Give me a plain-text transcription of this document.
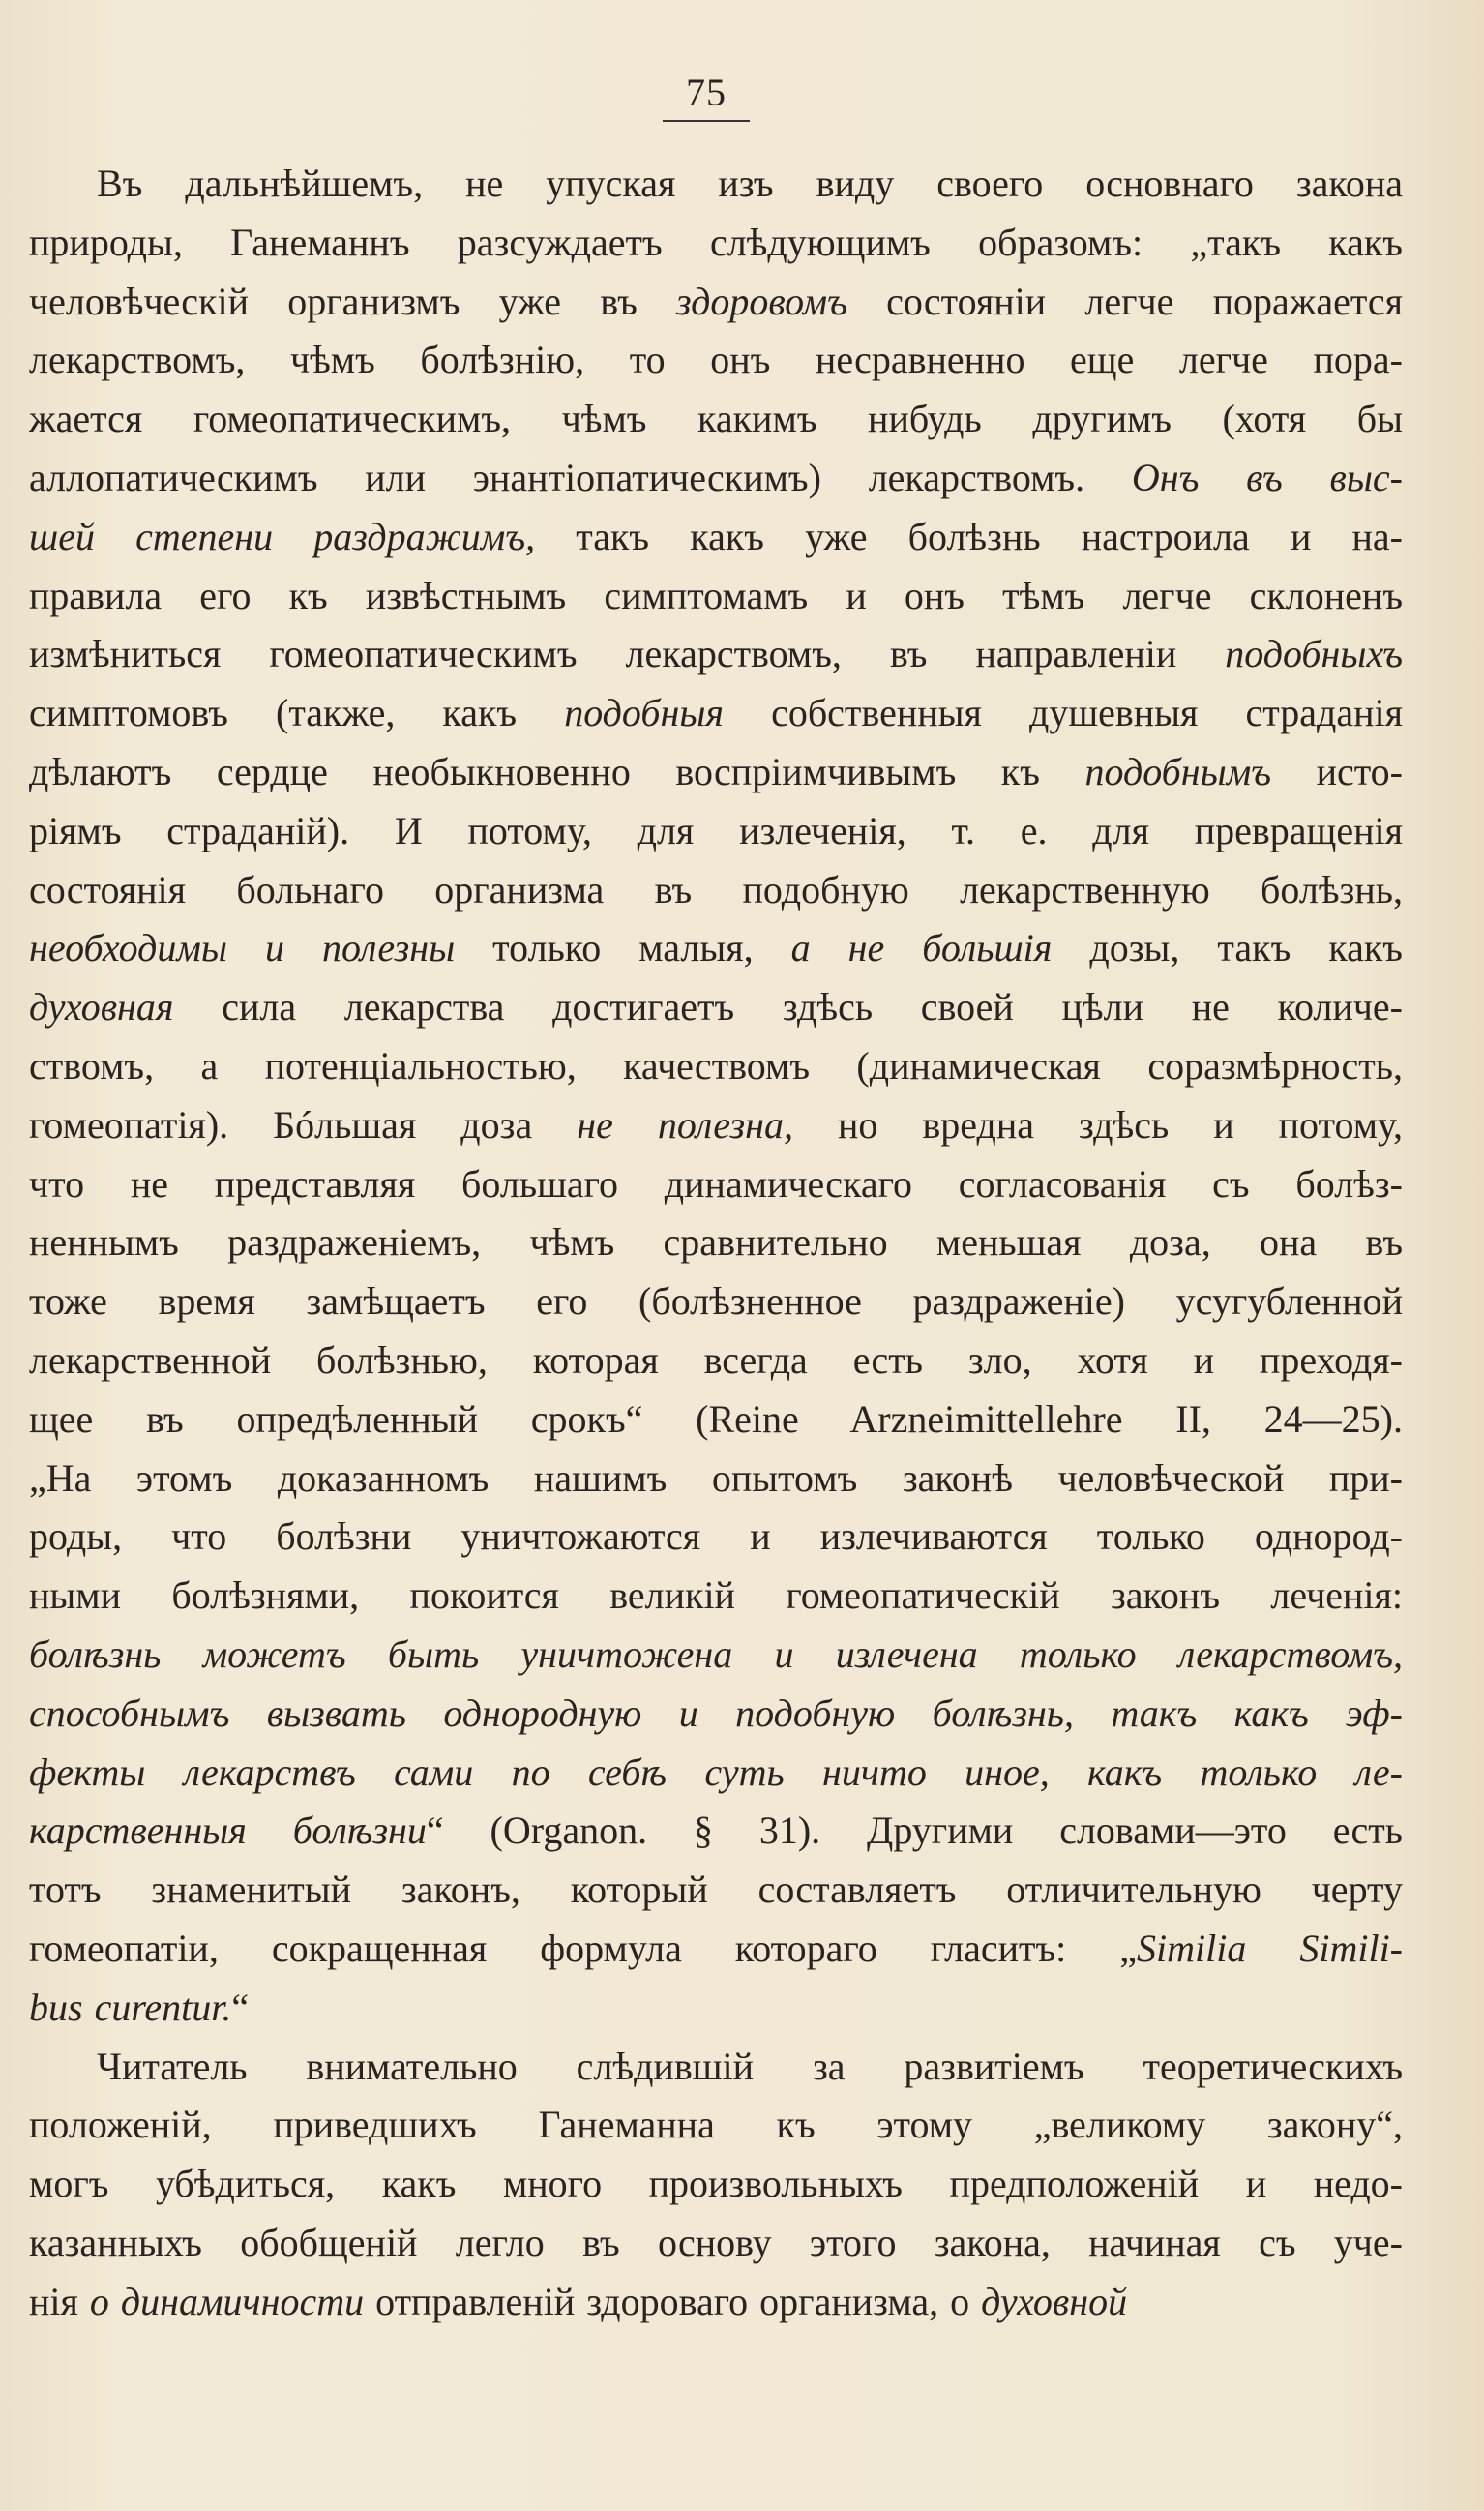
75
Въ дальнѣйшемъ, не упуская изъ виду своего основнаго закона
природы, Ганеманнъ разсуждаетъ слѣдующимъ образомъ: „такъ какъ
человѣческій организмъ уже въ здоровомъ состояніи легче поражается
лекарствомъ, чѣмъ болѣзнію, то онъ несравненно еще легче пора-
жается гомеопатическимъ, чѣмъ какимъ нибудь другимъ (хотя бы
аллопатическимъ или энантіопатическимъ) лекарствомъ. Онъ въ выс-
шей степени раздражимъ, такъ какъ уже болѣзнь настроила и на-
правила его къ извѣстнымъ симптомамъ и онъ тѣмъ легче склоненъ
измѣниться гомеопатическимъ лекарствомъ, въ направленіи подобныхъ
симптомовъ (также, какъ подобныя собственныя душевныя страданія
дѣлаютъ сердце необыкновенно воспріимчивымъ къ подобнымъ исто-
ріямъ страданій). И потому, для излеченія, т. е. для превращенія
состоянія больнаго организма въ подобную лекарственную болѣзнь,
необходимы и полезны только малыя, а не большія дозы, такъ какъ
духовная сила лекарства достигаетъ здѣсь своей цѣли не количе-
ствомъ, а потенціальностью, качествомъ (динамическая соразмѣрность,
гомеопатія). Бóльшая доза не полезна, но вредна здѣсь и потому,
что не представляя большаго динамическаго согласованія съ болѣз-
неннымъ раздраженіемъ, чѣмъ сравнительно меньшая доза, она въ
тоже время замѣщаетъ его (болѣзненное раздраженіе) усугубленной
лекарственной болѣзнью, которая всегда есть зло, хотя и преходя-
щее въ опредѣленный срокъ“ (Reine Arzneimittellehre II, 24—25).
„На этомъ доказанномъ нашимъ опытомъ законѣ человѣческой при-
роды, что болѣзни уничтожаются и излечиваются только однород-
ными болѣзнями, покоится великій гомеопатическій законъ леченія:
болѣзнь можетъ быть уничтожена и излечена только лекарствомъ,
способнымъ вызвать однородную и подобную болѣзнь, такъ какъ эф-
фекты лекарствъ сами по себѣ суть ничто иное, какъ только ле-
карственныя болѣзни“ (Organon. § 31). Другими словами—это есть
тотъ знаменитый законъ, который составляетъ отличительную черту
гомеопатіи, сокращенная формула котораго гласитъ: „Similia Simili-
bus curentur.“
Читатель внимательно слѣдившій за развитіемъ теоретическихъ
положеній, приведшихъ Ганеманна къ этому „великому закону“,
могъ убѣдиться, какъ много произвольныхъ предположеній и недо-
казанныхъ обобщеній легло въ основу этого закона, начиная съ уче-
нія о динамичности отправленій здороваго организма, о духовной
